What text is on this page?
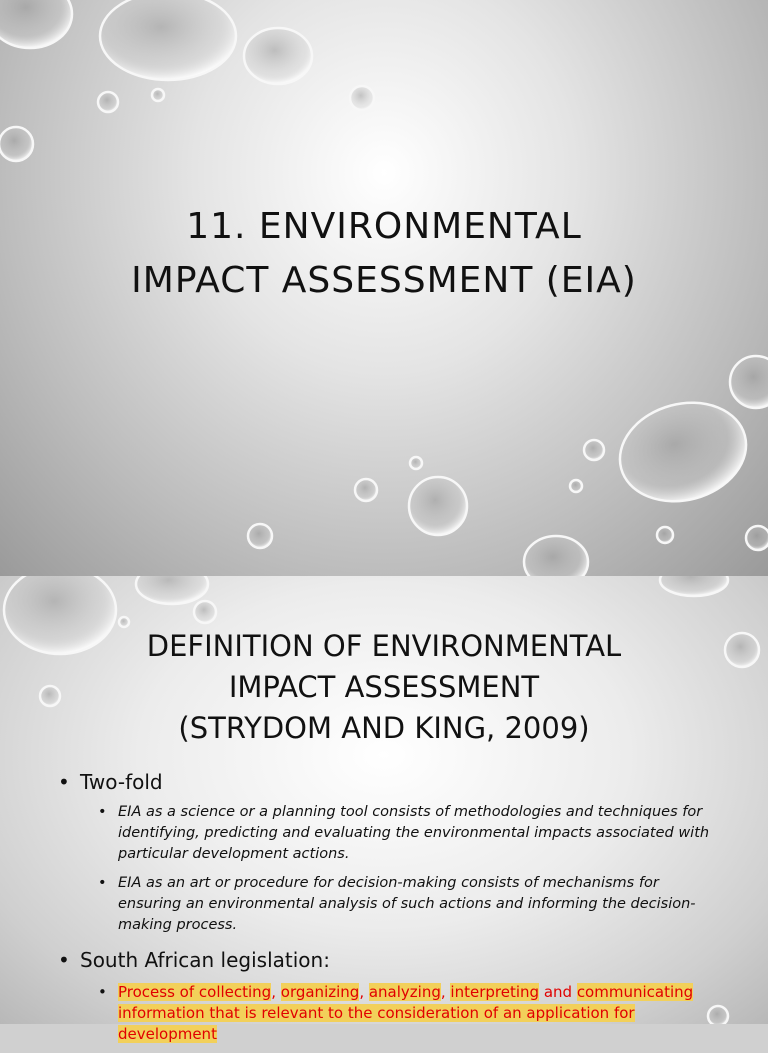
11. ENVIRONMENTAL
IMPACT ASSESSMENT (EIA)
DEFINITION OF ENVIRONMENTAL
IMPACT ASSESSMENT
(STRYDOM AND KING, 2009)
• Two-fold
• EIA as a science or a planning tool consists of methodologies and techniques for identifying, predicting and evaluating the environmental impacts associated with particular development actions.
• EIA as an art or procedure for decision-making consists of mechanisms for ensuring an environmental analysis of such actions and informing the decision-making process.
• South African legislation:
• Process of collecting, organizing, analyzing, interpreting and communicating information that is relevant to the consideration of an application for development
